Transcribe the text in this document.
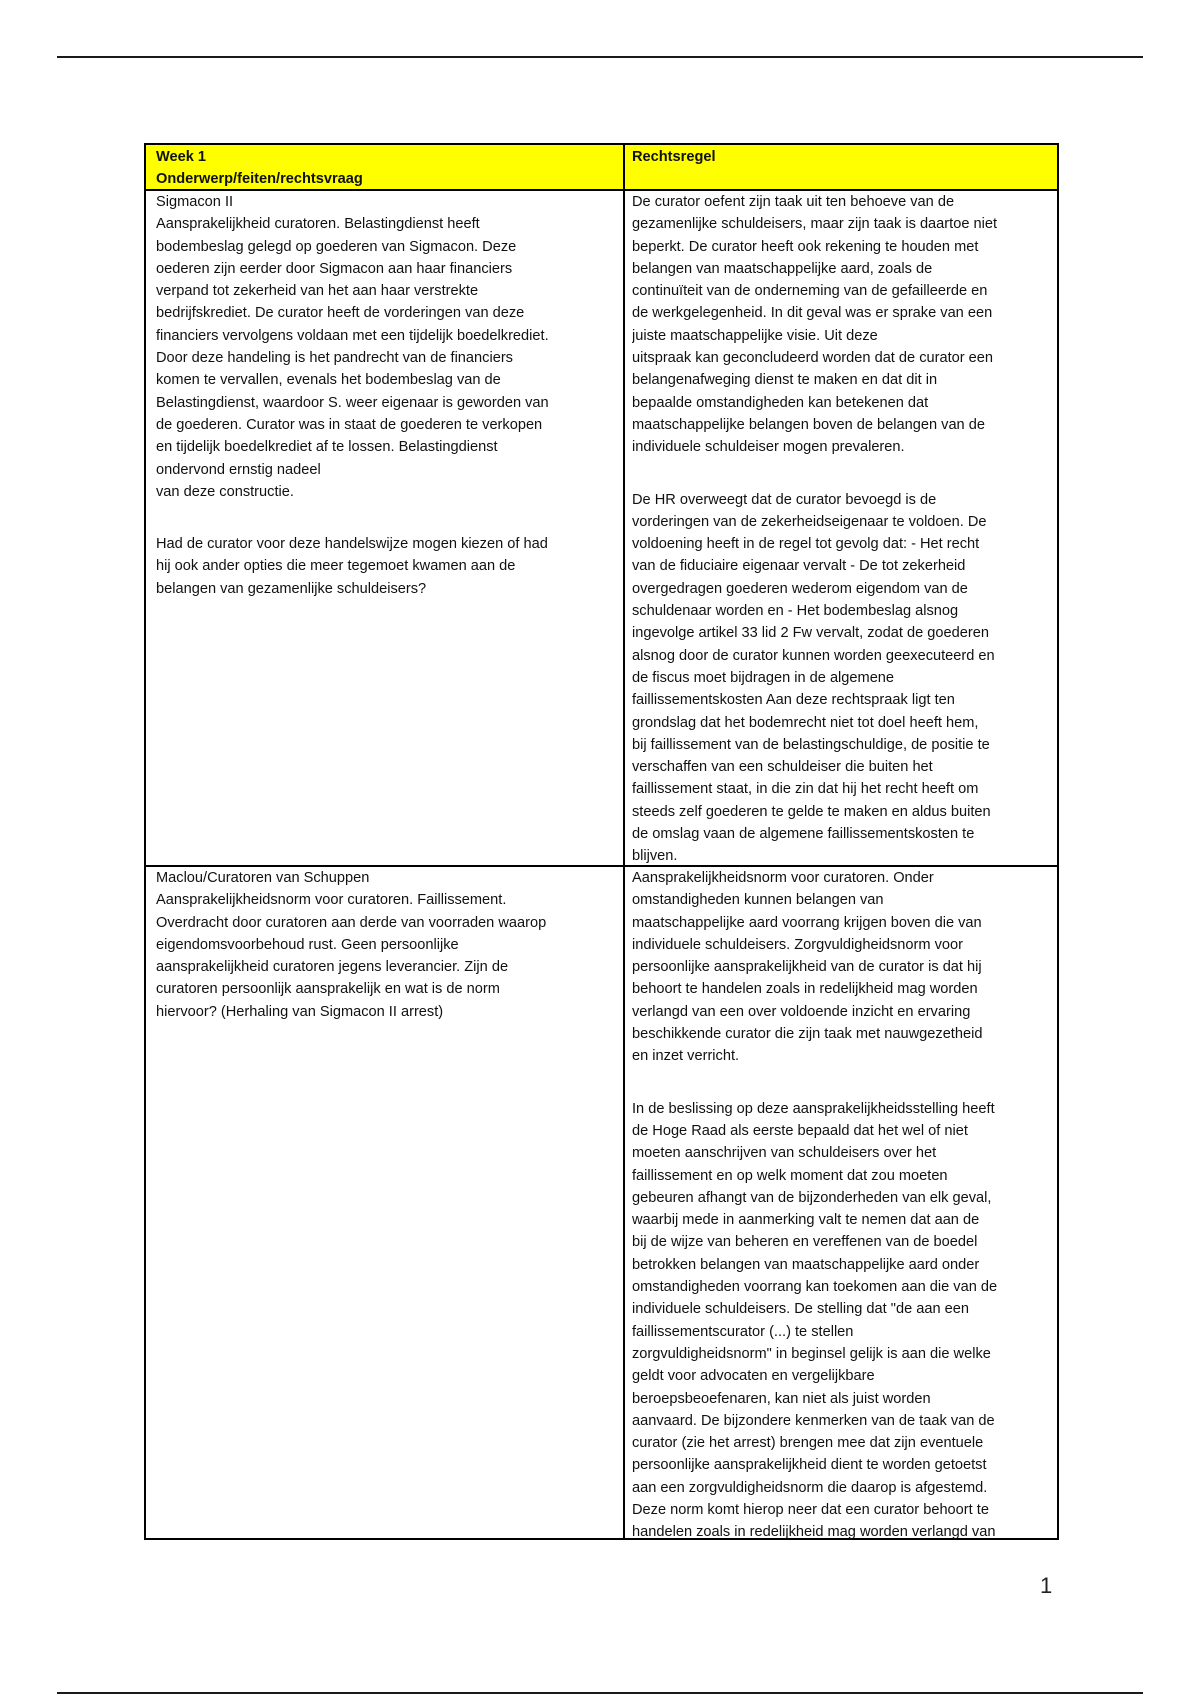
Week 1
Onderwerp/feiten/rechtsvraag
Rechtsregel
Sigmacon II
Aansprakelijkheid curatoren. Belastingdienst heeft
bodembeslag gelegd op goederen van Sigmacon. Deze
oederen zijn eerder door Sigmacon aan haar financiers
verpand tot zekerheid van het aan haar verstrekte
bedrijfskrediet. De curator heeft de vorderingen van deze
financiers vervolgens voldaan met een tijdelijk boedelkrediet.
Door deze handeling is het pandrecht van de financiers
komen te vervallen, evenals het bodembeslag van de
Belastingdienst, waardoor S. weer eigenaar is geworden van
de goederen. Curator was in staat de goederen te verkopen
en tijdelijk boedelkrediet af te lossen. Belastingdienst
ondervond ernstig nadeel
van deze constructie.
Had de curator voor deze handelswijze mogen kiezen of had
hij ook ander opties die meer tegemoet kwamen aan de
belangen van gezamenlijke schuldeisers?
De curator oefent zijn taak uit ten behoeve van de
gezamenlijke schuldeisers, maar zijn taak is daartoe niet
beperkt. De curator heeft ook rekening te houden met
belangen van maatschappelijke aard, zoals de
continuïteit van de onderneming van de gefailleerde en
de werkgelegenheid. In dit geval was er sprake van een
juiste maatschappelijke visie. Uit deze
uitspraak kan geconcludeerd worden dat de curator een
belangenafweging dienst te maken en dat dit in
bepaalde omstandigheden kan betekenen dat
maatschappelijke belangen boven de belangen van de
individuele schuldeiser mogen prevaleren.
De HR overweegt dat de curator bevoegd is de
vorderingen van de zekerheidseigenaar te voldoen. De
voldoening heeft in de regel tot gevolg dat: - Het recht
van de fiduciaire eigenaar vervalt - De tot zekerheid
overgedragen goederen wederom eigendom van de
schuldenaar worden en - Het bodembeslag alsnog
ingevolge artikel 33 lid 2 Fw vervalt, zodat de goederen
alsnog door de curator kunnen worden geexecuteerd en
de fiscus moet bijdragen in de algemene
faillissementskosten Aan deze rechtspraak ligt ten
grondslag dat het bodemrecht niet tot doel heeft hem,
bij faillissement van de belastingschuldige, de positie te
verschaffen van een schuldeiser die buiten het
faillissement staat, in die zin dat hij het recht heeft om
steeds zelf goederen te gelde te maken en aldus buiten
de omslag vaan de algemene faillissementskosten te
blijven.
Maclou/Curatoren van Schuppen
Aansprakelijkheidsnorm voor curatoren. Faillissement.
Overdracht door curatoren aan derde van voorraden waarop
eigendomsvoorbehoud rust. Geen persoonlijke
aansprakelijkheid curatoren jegens leverancier. Zijn de
curatoren persoonlijk aansprakelijk en wat is de norm
hiervoor? (Herhaling van Sigmacon II arrest)
Aansprakelijkheidsnorm voor curatoren. Onder
omstandigheden kunnen belangen van
maatschappelijke aard voorrang krijgen boven die van
individuele schuldeisers. Zorgvuldigheidsnorm voor
persoonlijke aansprakelijkheid van de curator is dat hij
behoort te handelen zoals in redelijkheid mag worden
verlangd van een over voldoende inzicht en ervaring
beschikkende curator die zijn taak met nauwgezetheid
en inzet verricht.
In de beslissing op deze aansprakelijkheidsstelling heeft
de Hoge Raad als eerste bepaald dat het wel of niet
moeten aanschrijven van schuldeisers over het
faillissement en op welk moment dat zou moeten
gebeuren afhangt van de bijzonderheden van elk geval,
waarbij mede in aanmerking valt te nemen dat aan de
bij de wijze van beheren en vereffenen van de boedel
betrokken belangen van maatschappelijke aard onder
omstandigheden voorrang kan toekomen aan die van de
individuele schuldeisers. De stelling dat "de aan een
faillissementscurator (...) te stellen
zorgvuldigheidsnorm" in beginsel gelijk is aan die welke
geldt voor advocaten en vergelijkbare
beroepsbeoefenaren, kan niet als juist worden
aanvaard. De bijzondere kenmerken van de taak van de
curator (zie het arrest) brengen mee dat zijn eventuele
persoonlijke aansprakelijkheid dient te worden getoetst
aan een zorgvuldigheidsnorm die daarop is afgestemd.
Deze norm komt hierop neer dat een curator behoort te
handelen zoals in redelijkheid mag worden verlangd van
1
